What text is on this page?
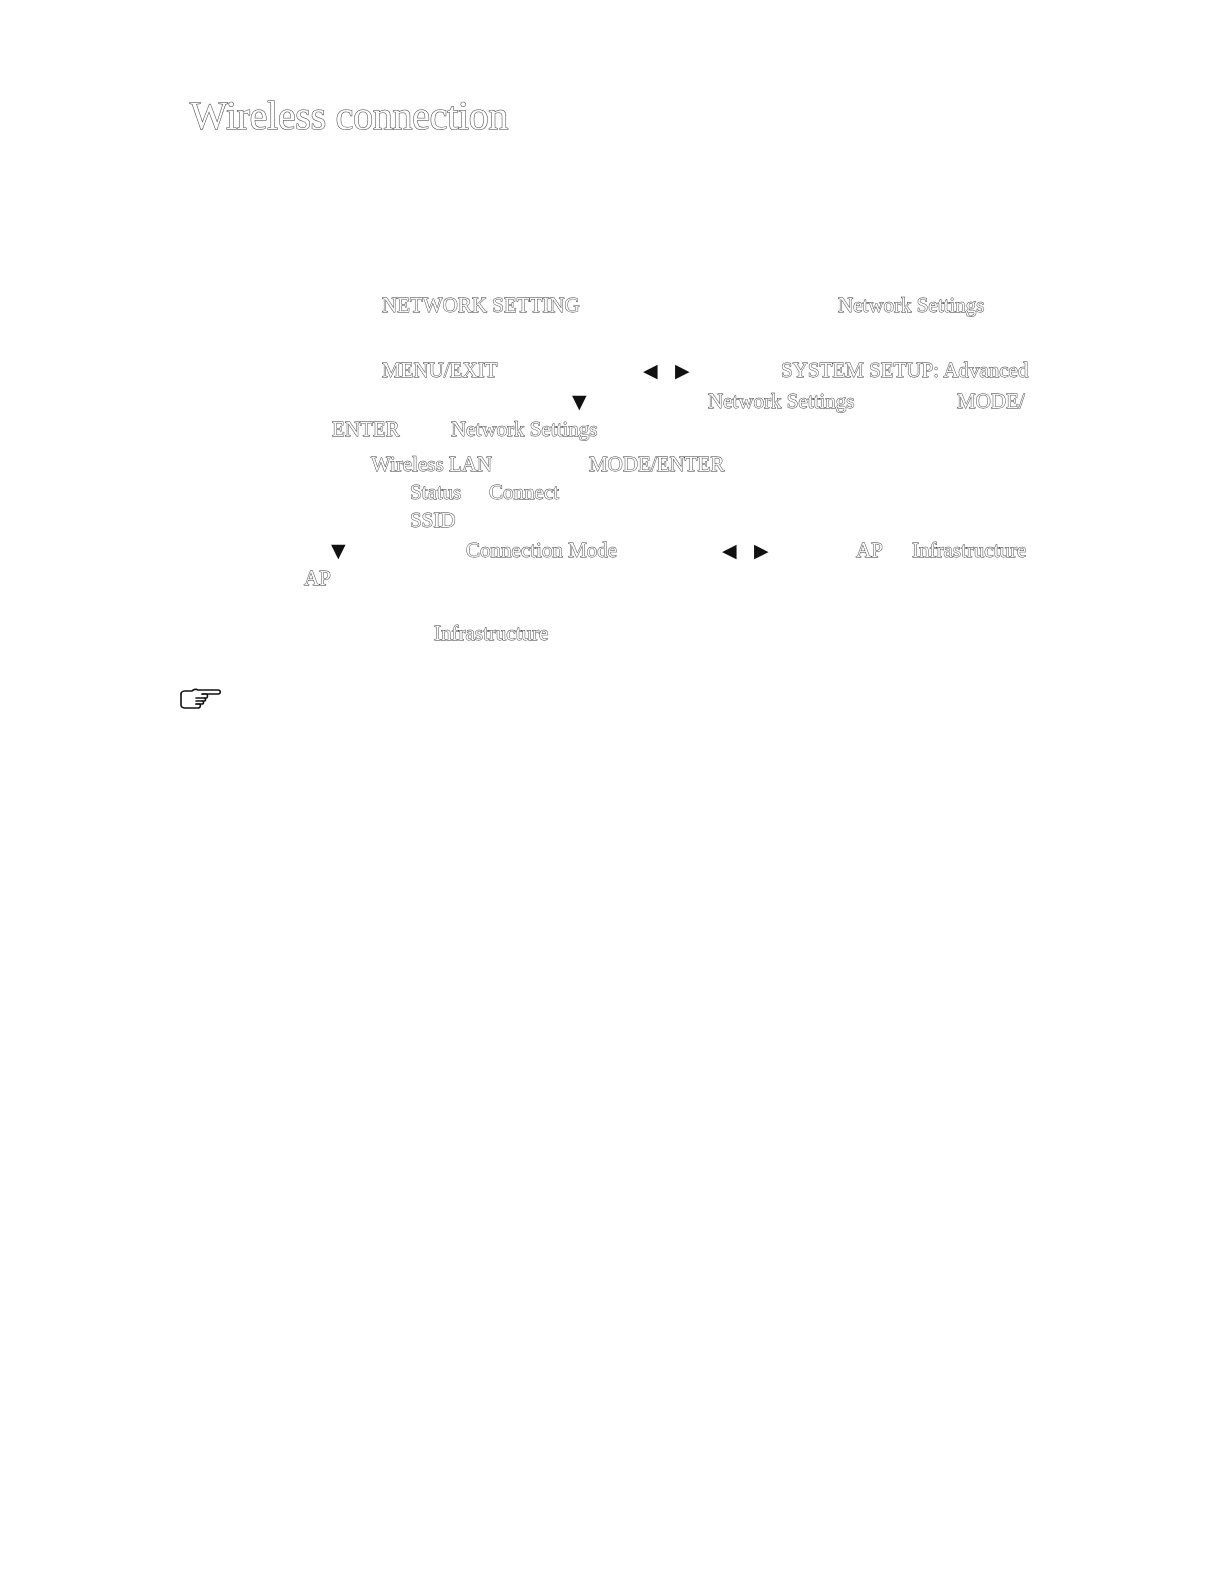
Wireless connection
NETWORK SETTING	Network Settings
MENU/EXIT	◀ ▶	SYSTEM SETUP: Advanced
▼	Network Settings	MODE/
ENTER Network Settings
Wireless LAN	MODE/ENTER
Status Connect
SSID
▼	Connection Mode	◀ ▶	AP Infrastructure
AP
Infrastructure
